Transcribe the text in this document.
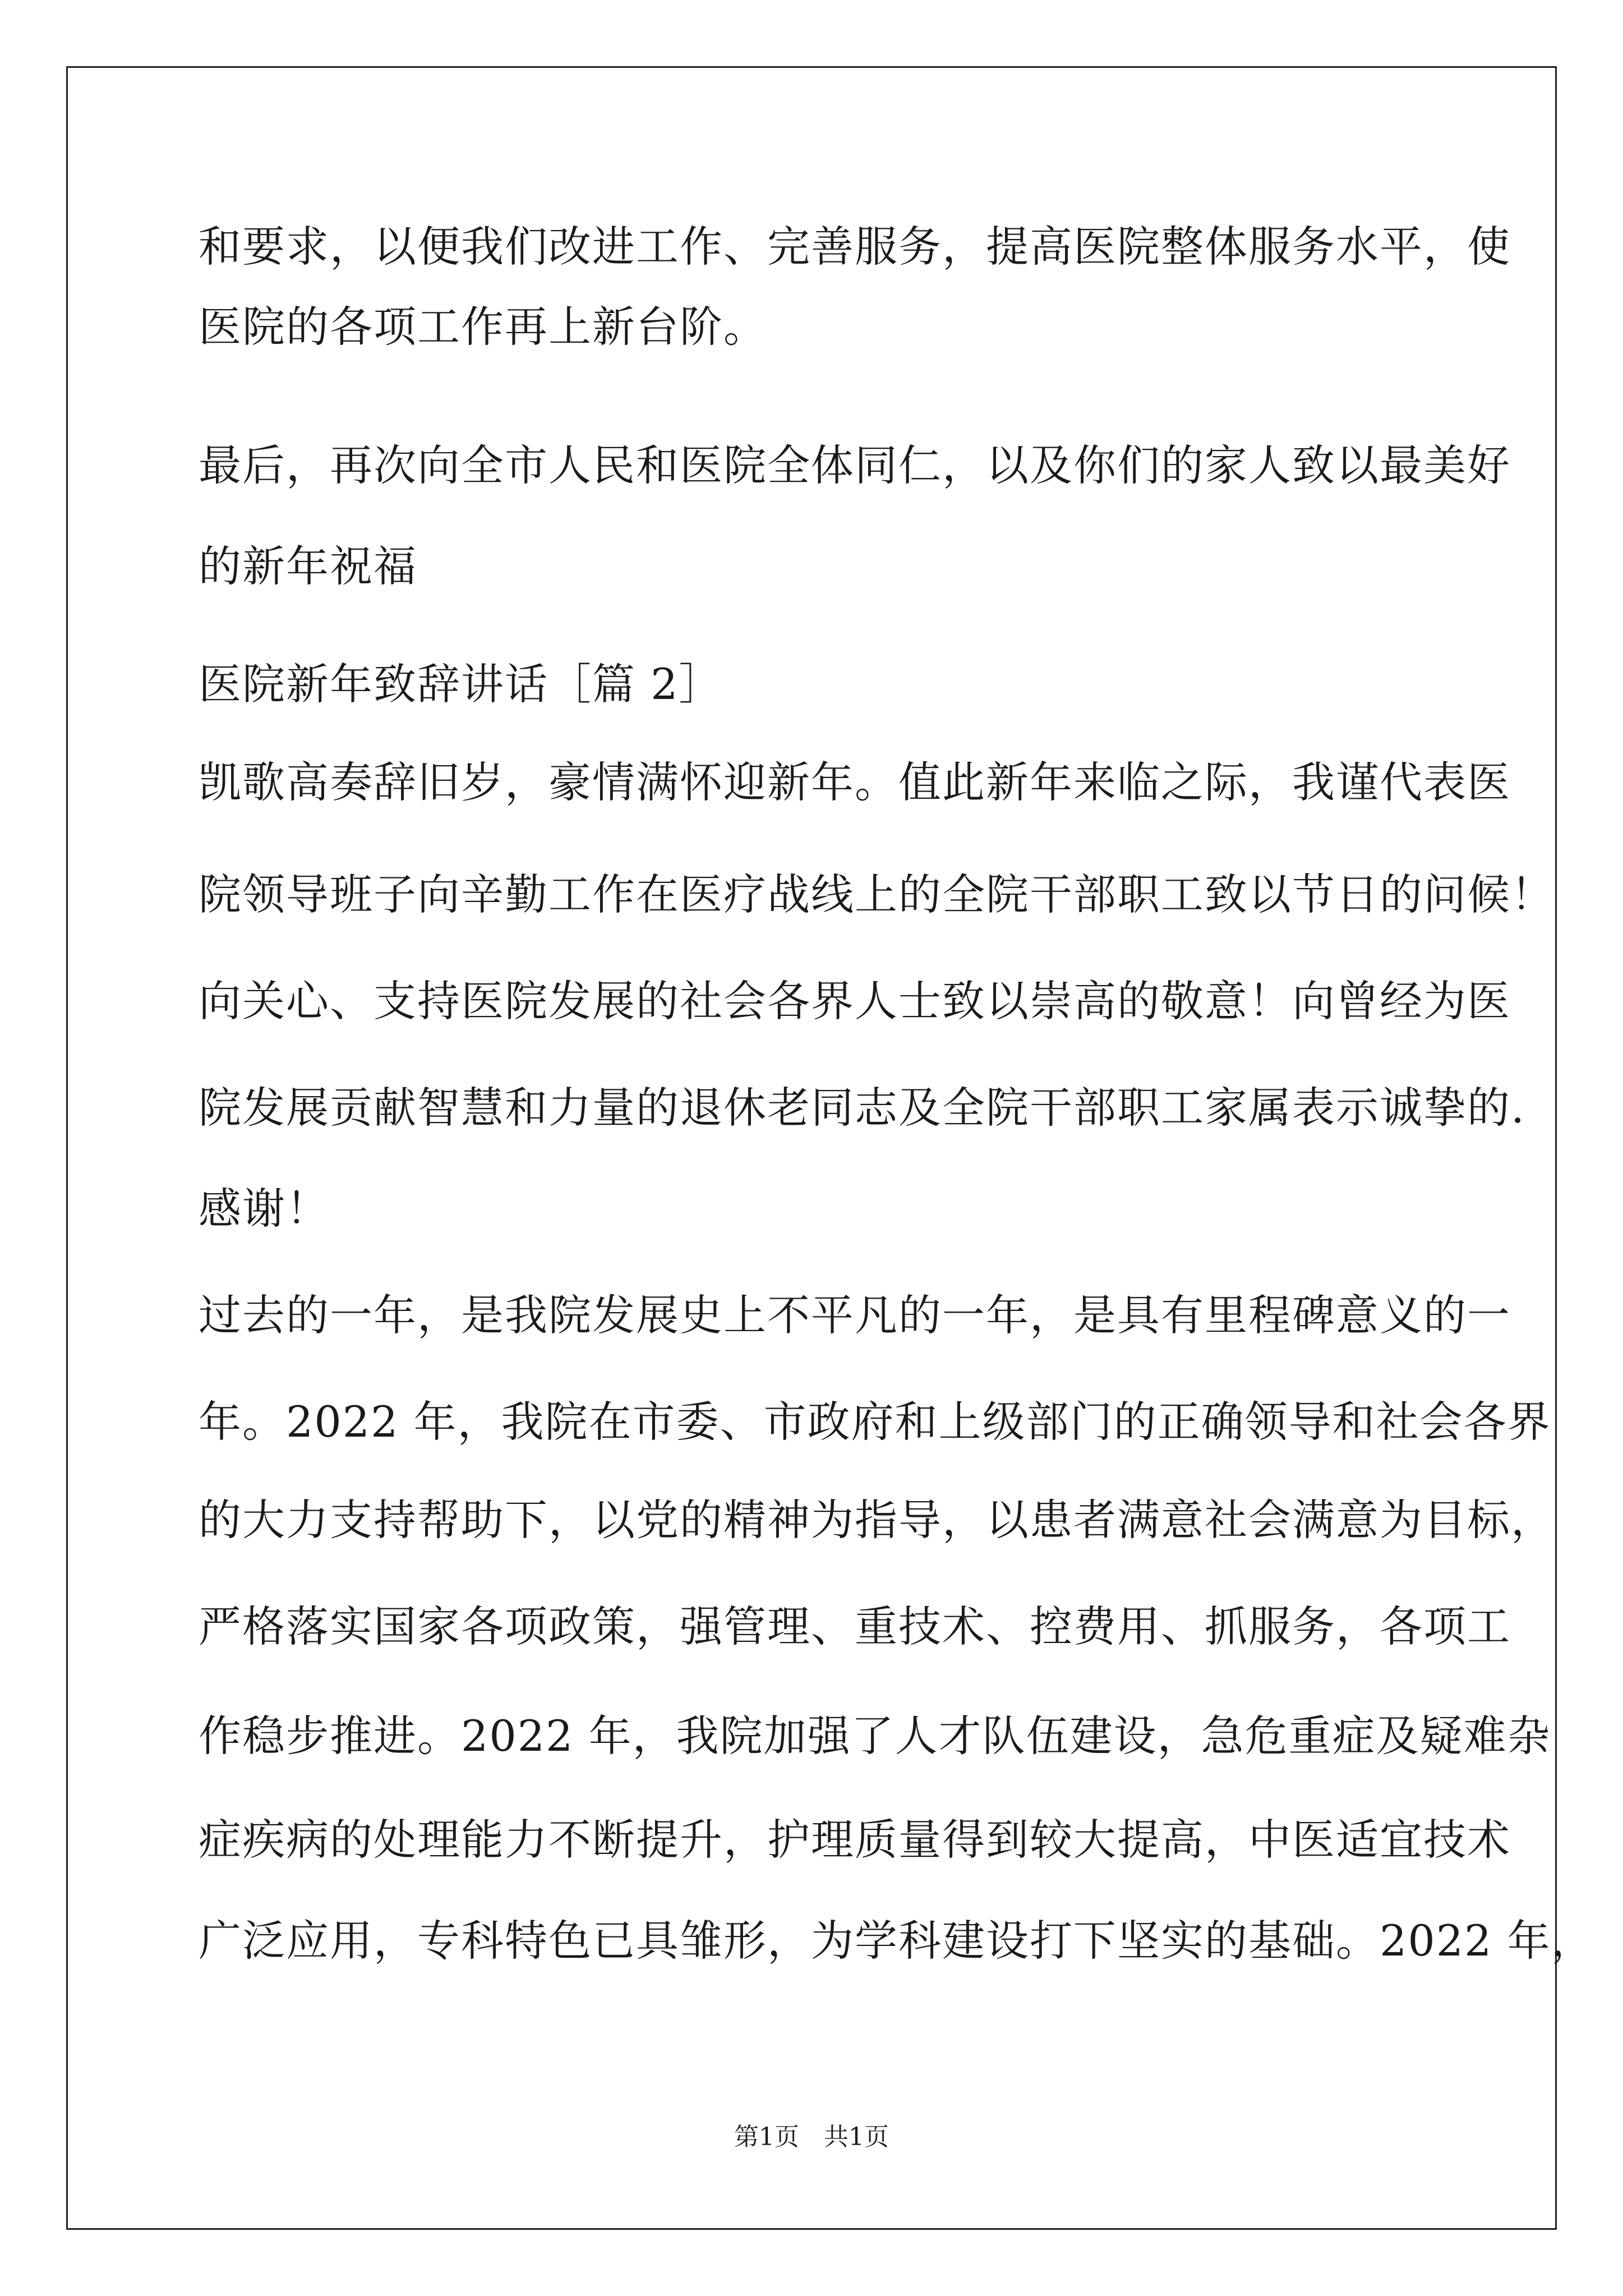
和要求，以便我们改进工作、完善服务，提高医院整体服务水平，使
医院的各项工作再上新台阶。
最后，再次向全市人民和医院全体同仁，以及你们的家人致以最美好
的新年祝福
医院新年致辞讲话［篇 2］
凯歌高奏辞旧岁，豪情满怀迎新年。值此新年来临之际，我谨代表医
院领导班子向辛勤工作在医疗战线上的全院干部职工致以节日的问候！
向关心、支持医院发展的社会各界人士致以崇高的敬意！向曾经为医
院发展贡献智慧和力量的退休老同志及全院干部职工家属表示诚挚的.
感谢！
过去的一年，是我院发展史上不平凡的一年，是具有里程碑意义的一
年。2022 年，我院在市委、市政府和上级部门的正确领导和社会各界
的大力支持帮助下，以党的精神为指导，以患者满意社会满意为目标，
严格落实国家各项政策，强管理、重技术、控费用、抓服务，各项工
作稳步推进。2022 年，我院加强了人才队伍建设，急危重症及疑难杂
症疾病的处理能力不断提升，护理质量得到较大提高，中医适宜技术
广泛应用，专科特色已具雏形，为学科建设打下坚实的基础。2022 年，
第1页　共1页
